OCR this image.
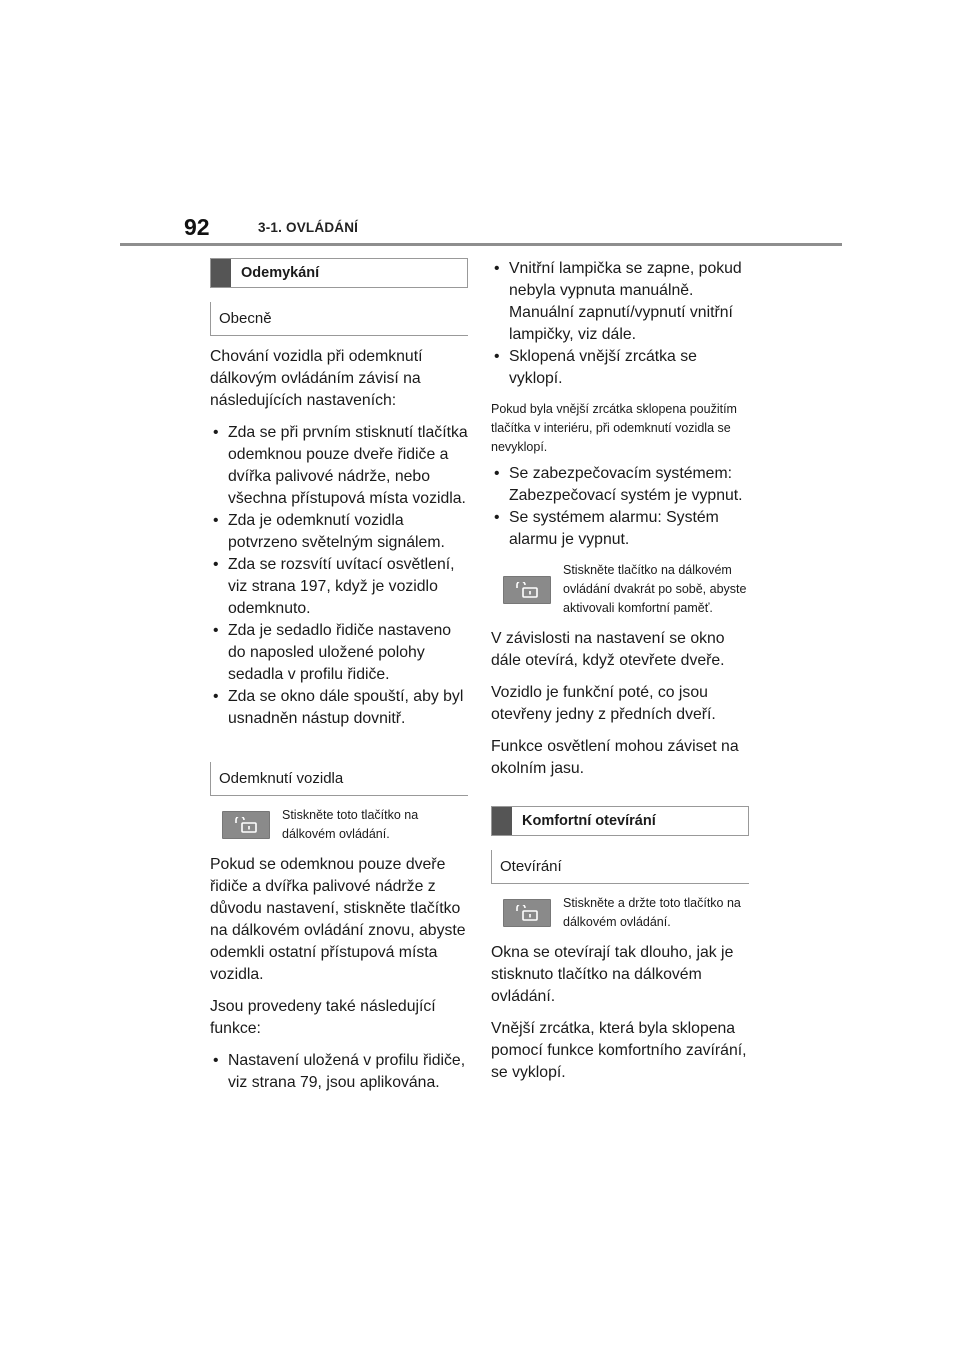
92	3-1. OVLÁDÁNÍ
Odemykání
Obecně

Chování vozidla při odemknutí dálkovým ovládáním závisí na následujících nastaveních:

• Zda se při prvním stisknutí tlačítka odemknou pouze dveře řidiče a dvířka palivové nádrže, nebo všechna přístupová místa vozidla.
• Zda je odemknutí vozidla potvrzeno světelným signálem.
• Zda se rozsvítí uvítací osvětlení, viz strana 197, když je vozidlo odemknuto.
• Zda je sedadlo řidiče nastaveno do naposled uložené polohy sedadla v profilu řidiče.
• Zda se okno dále spouští, aby byl usnadněn nástup dovnitř.
Odemknutí vozidla
Stiskněte toto tlačítko na dálkovém ovládání.

Pokud se odemknou pouze dveře řidiče a dvířka palivové nádrže z důvodu nastavení, stiskněte tlačítko na dálkovém ovládání znovu, abyste odemkli ostatní přístupová místa vozidla.

Jsou provedeny také následující funkce:

• Nastavení uložená v profilu řidiče, viz strana 79, jsou aplikována.
• Vnitřní lampička se zapne, pokud nebyla vypnuta manuálně. Manuální zapnutí/vypnutí vnitřní lampičky, viz dále.
• Sklopená vnější zrcátka se vyklopí.

Pokud byla vnější zrcátka sklopena použitím tlačítka v interiéru, při odemknutí vozidla se nevyklopí.

• Se zabezpečovacím systémem: Zabezpečovací systém je vypnut.
• Se systémem alarmu: Systém alarmu je vypnut.
Stiskněte tlačítko na dálkovém ovládání dvakrát po sobě, abyste aktivovali komfortní paměť.

V závislosti na nastavení se okno dále otevírá, když otevřete dveře.

Vozidlo je funkční poté, co jsou otevřeny jedny z předních dveří.

Funkce osvětlení mohou záviset na okolním jasu.

Komfortní otevírání
Otevírání
Stiskněte a držte toto tlačítko na dálkovém ovládání.

Okna se otevírají tak dlouho, jak je stisknuto tlačítko na dálkovém ovládání.

Vnější zrcátka, která byla sklopena pomocí funkce komfortního zavírání, se vyklopí.
